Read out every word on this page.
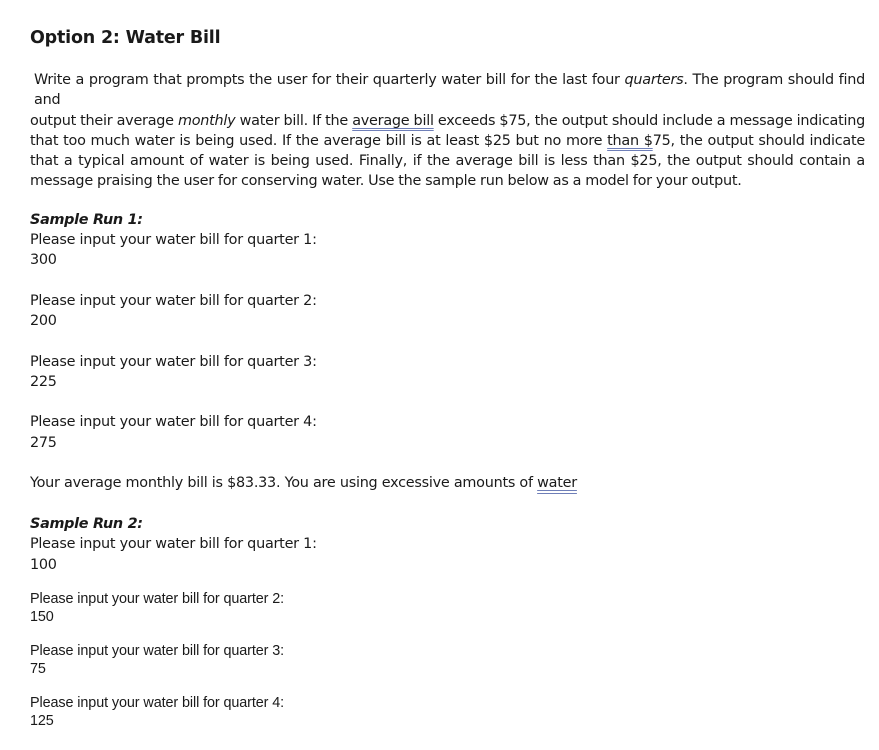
Option 2: Water Bill

Write a program that prompts the user for their quarterly water bill for the last four quarters. The program should find and

output their average monthly water bill. If the average bill exceeds $75, the output should include a message indicating

that too much water is being used. If the average bill is at least $25 but no more than $75, the output should indicate

that a typical amount of water is being used. Finally, if the average bill is less than $25, the output should contain a

message praising the user for conserving water. Use the sample run below as a model for your output.

Sample Run 1:
Please input your water bill for quarter 1:
300
Please input your water bill for quarter 2:
200
Please input your water bill for quarter 3:
225
Please input your water bill for quarter 4:
275
Your average monthly bill is $83.33. You are using excessive amounts of water
Sample Run 2:
Please input your water bill for quarter 1:
100
Please input your water bill for quarter 2:
150
Please input your water bill for quarter 3:
75
Please input your water bill for quarter 4:
125
